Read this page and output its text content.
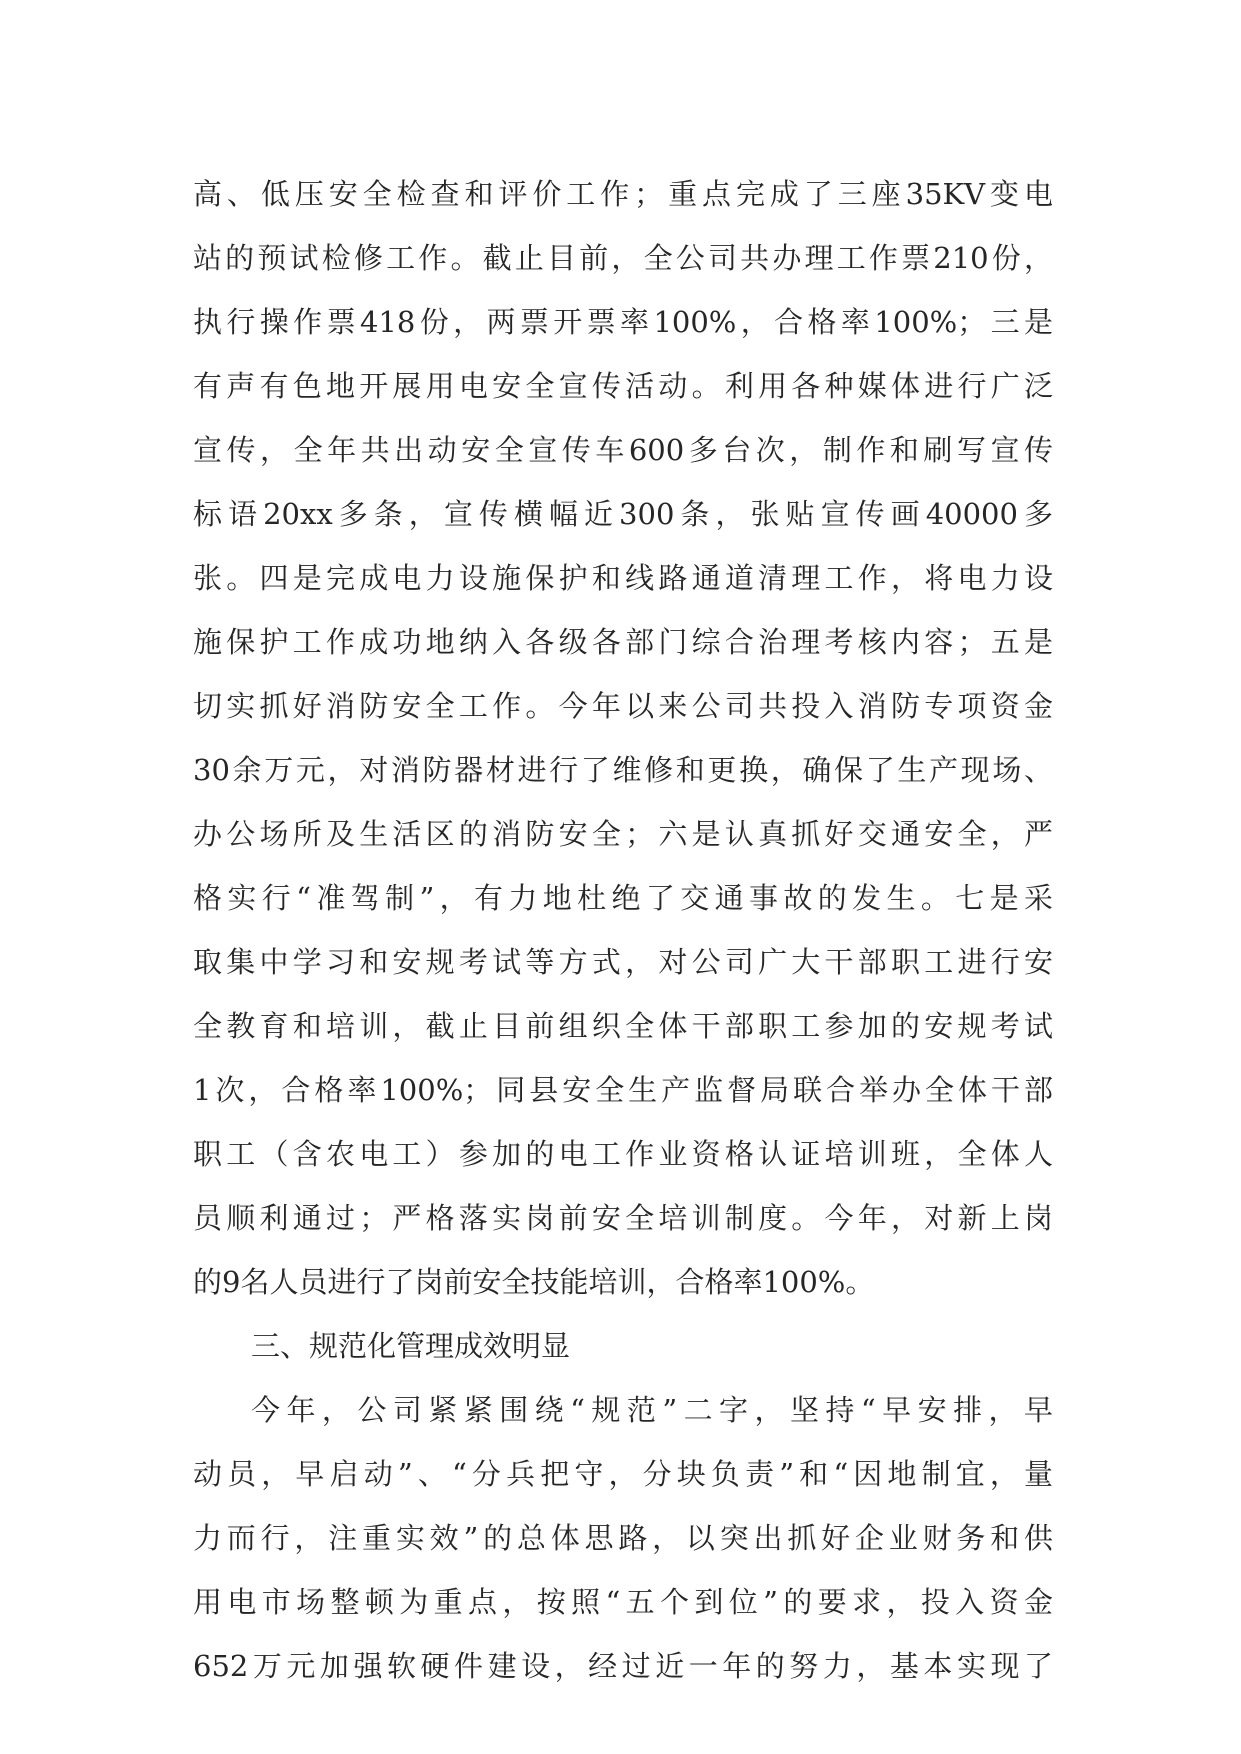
高、低压安全检查和评价工作；重点完成了三座35KV变电
站的预试检修工作。截止目前，全公司共办理工作票210份，
执行操作票418份，两票开票率100%，合格率100%；三是
有声有色地开展用电安全宣传活动。利用各种媒体进行广泛
宣传，全年共出动安全宣传车600多台次，制作和刷写宣传
标语20xx多条，宣传横幅近300条，张贴宣传画40000多
张。四是完成电力设施保护和线路通道清理工作，将电力设
施保护工作成功地纳入各级各部门综合治理考核内容；五是
切实抓好消防安全工作。今年以来公司共投入消防专项资金
30余万元，对消防器材进行了维修和更换，确保了生产现场、
办公场所及生活区的消防安全；六是认真抓好交通安全，严
格实行“准驾制”，有力地杜绝了交通事故的发生。七是采
取集中学习和安规考试等方式，对公司广大干部职工进行安
全教育和培训，截止目前组织全体干部职工参加的安规考试
1次，合格率100%；同县安全生产监督局联合举办全体干部
职工（含农电工）参加的电工作业资格认证培训班，全体人
员顺利通过；严格落实岗前安全培训制度。今年，对新上岗
的9名人员进行了岗前安全技能培训，合格率100%。
三、规范化管理成效明显
今年，公司紧紧围绕“规范”二字，坚持“早安排，早
动员，早启动”、“分兵把守，分块负责”和“因地制宜，量
力而行，注重实效”的总体思路，以突出抓好企业财务和供
用电市场整顿为重点，按照“五个到位”的要求，投入资金
652万元加强软硬件建设，经过近一年的努力，基本实现了
